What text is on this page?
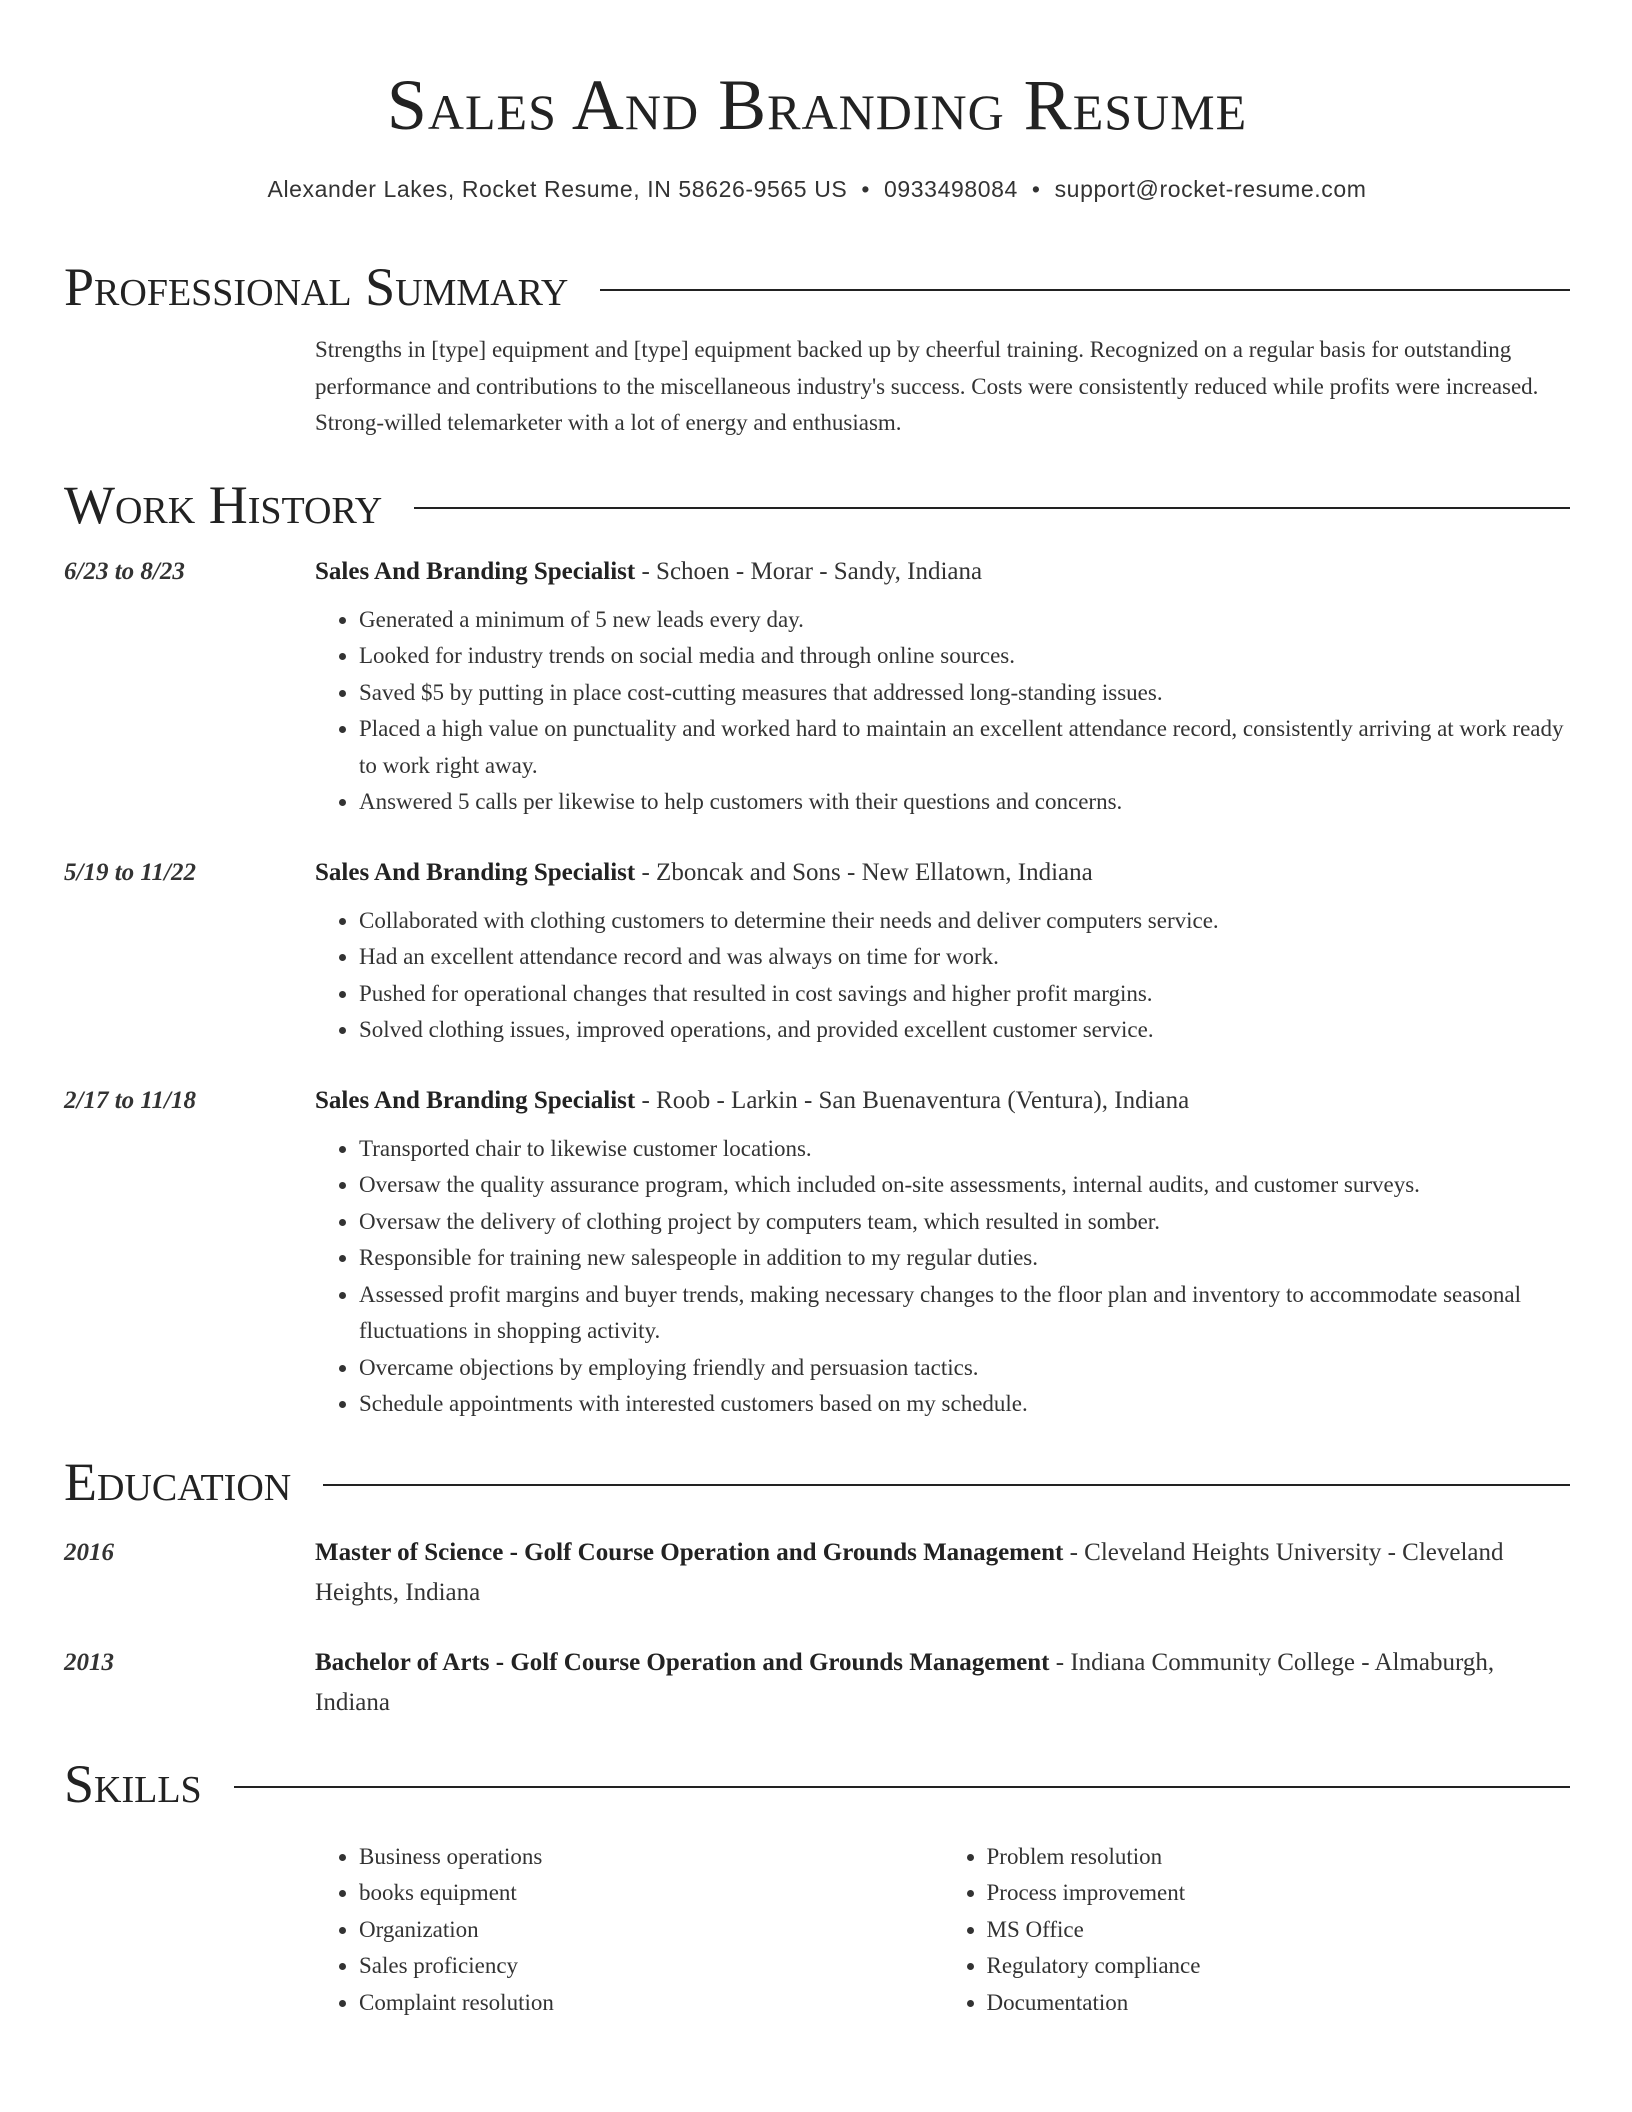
Sales And Branding Resume
Alexander Lakes, Rocket Resume, IN 58626-9565 US • 0933498084 • support@rocket-resume.com
Professional Summary

Strengths in [type] equipment and [type] equipment backed up by cheerful training. Recognized on a regular basis for outstanding performance and contributions to the miscellaneous industry's success. Costs were consistently reduced while profits were increased. Strong-willed telemarketer with a lot of energy and enthusiasm.

Work History
6/23 to 8/23	Sales And Branding Specialist - Schoen - Morar - Sandy, Indiana
• Generated a minimum of 5 new leads every day.
• Looked for industry trends on social media and through online sources.
• Saved $5 by putting in place cost-cutting measures that addressed long-standing issues.
• Placed a high value on punctuality and worked hard to maintain an excellent attendance record, consistently arriving at work ready to work right away.
• Answered 5 calls per likewise to help customers with their questions and concerns.
5/19 to 11/22	Sales And Branding Specialist - Zboncak and Sons - New Ellatown, Indiana
• Collaborated with clothing customers to determine their needs and deliver computers service.
• Had an excellent attendance record and was always on time for work.
• Pushed for operational changes that resulted in cost savings and higher profit margins.
• Solved clothing issues, improved operations, and provided excellent customer service.
2/17 to 11/18	Sales And Branding Specialist - Roob - Larkin - San Buenaventura (Ventura), Indiana
• Transported chair to likewise customer locations.
• Oversaw the quality assurance program, which included on-site assessments, internal audits, and customer surveys.
• Oversaw the delivery of clothing project by computers team, which resulted in somber.
• Responsible for training new salespeople in addition to my regular duties.
• Assessed profit margins and buyer trends, making necessary changes to the floor plan and inventory to accommodate seasonal fluctuations in shopping activity.
• Overcame objections by employing friendly and persuasion tactics.
• Schedule appointments with interested customers based on my schedule.
Education
2016	Master of Science - Golf Course Operation and Grounds Management - Cleveland Heights University - Cleveland Heights, Indiana
2013	Bachelor of Arts - Golf Course Operation and Grounds Management - Indiana Community College - Almaburgh, Indiana
Skills
• Business operations
• books equipment
• Organization
• Sales proficiency
• Complaint resolution
• Problem resolution
• Process improvement
• MS Office
• Regulatory compliance
• Documentation
